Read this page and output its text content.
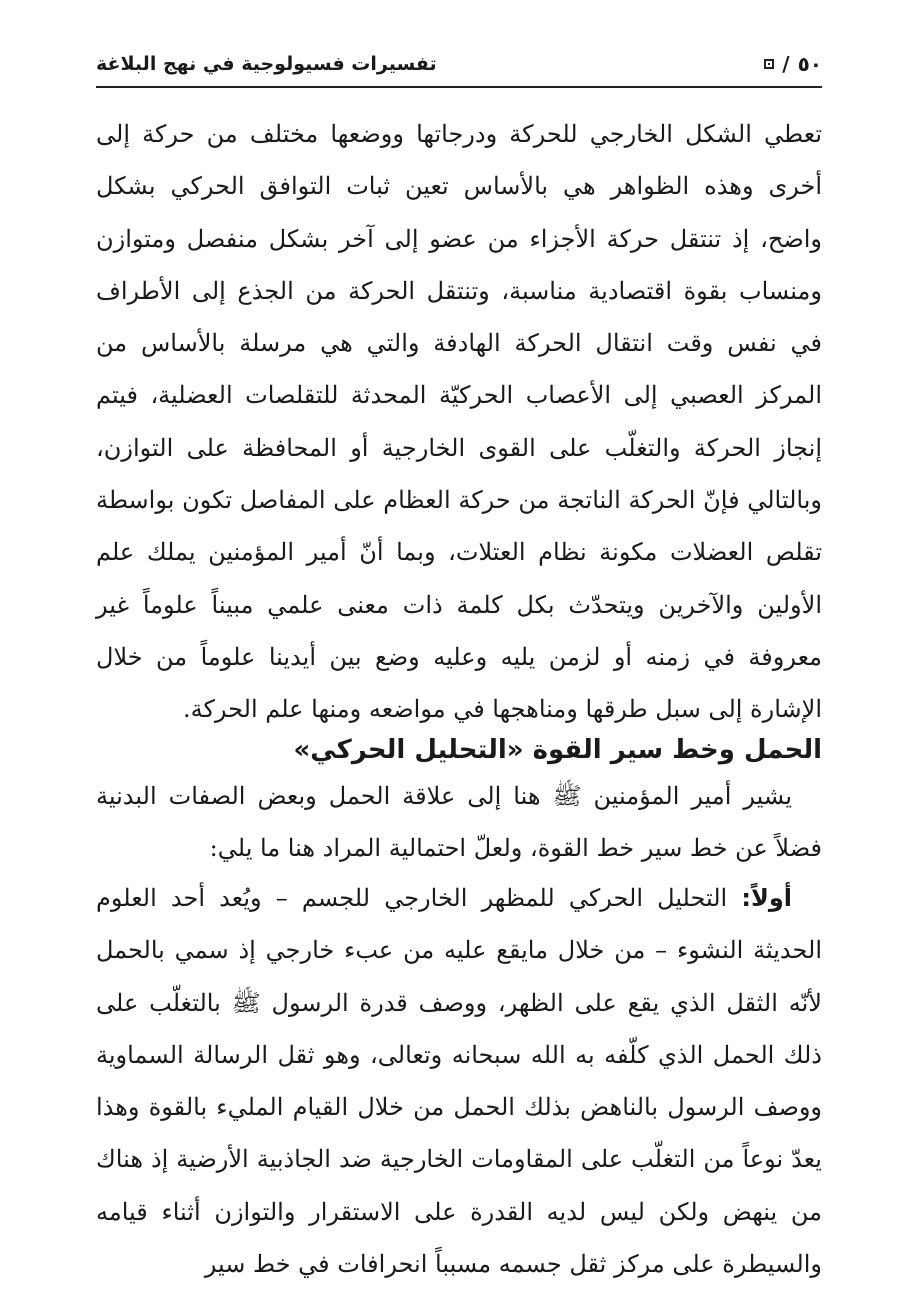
٥٠
/
تفسيرات فسيولوجية في نهج البلاغة

تعطي الشكل الخارجي للحركة ودرجاتها ووضعها مختلف من حركة إلى أخرى وهذه الظواهر هي بالأساس تعين ثبات التوافق الحركي بشكل واضح، إذ تنتقل حركة الأجزاء من عضو إلى آخر بشكل منفصل ومتوازن ومنساب بقوة اقتصادية مناسبة، وتنتقل الحركة من الجذع إلى الأطراف في نفس وقت انتقال الحركة الهادفة والتي هي مرسلة بالأساس من المركز العصبي إلى الأعصاب الحركيّة المحدثة للتقلصات العضلية، فيتم إنجاز الحركة والتغلّب على القوى الخارجية أو المحافظة على التوازن، وبالتالي فإنّ الحركة الناتجة من حركة العظام على المفاصل تكون بواسطة تقلص العضلات مكونة نظام العتلات، وبما أنّ أمير المؤمنين يملك علم الأولين والآخرين ويتحدّث بكل كلمة ذات معنى علمي مبيناً علوماً غير معروفة في زمنه أو لزمن يليه وعليه وضع بين أيدينا علوماً من خلال الإشارة إلى سبل طرقها ومناهجها في مواضعه ومنها علم الحركة.

الحمل وخط سير القوة «التحليل الحركي»

يشير أمير المؤمنين ﷺ هنا إلى علاقة الحمل وبعض الصفات البدنية فضلاً عن خط سير خط القوة، ولعلّ احتمالية المراد هنا ما يلي:

أولاً: التحليل الحركي للمظهر الخارجي للجسم – ويُعد أحد العلوم الحديثة النشوء – من خلال مايقع عليه من عبء خارجي إذ سمي بالحمل لأنّه الثقل الذي يقع على الظهر، ووصف قدرة الرسول ﷺ بالتغلّب على ذلك الحمل الذي كلّفه به الله سبحانه وتعالى، وهو ثقل الرسالة السماوية ووصف الرسول بالناهض بذلك الحمل من خلال القيام المليء بالقوة وهذا يعدّ نوعاً من التغلّب على المقاومات الخارجية ضد الجاذبية الأرضية إذ هناك من ينهض ولكن ليس لديه القدرة على الاستقرار والتوازن أثناء قيامه والسيطرة على مركز ثقل جسمه مسبباً انحرافات في خط سير
